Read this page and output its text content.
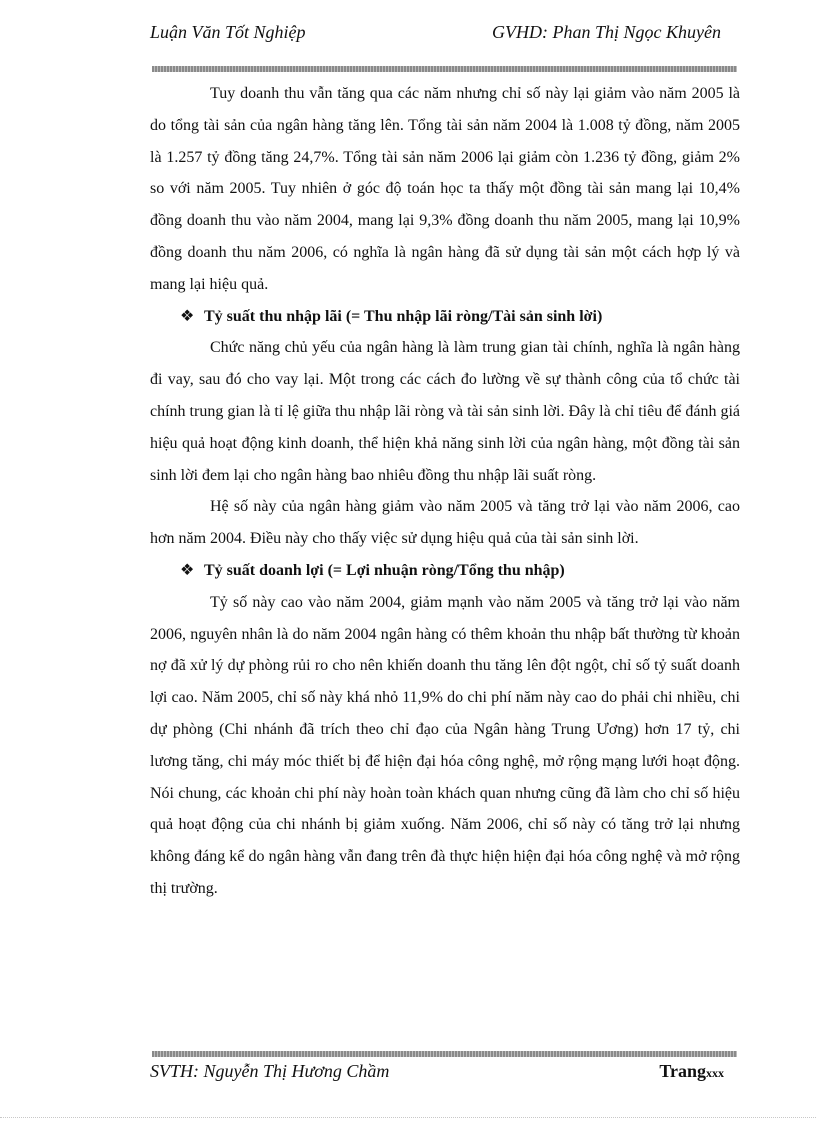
Luận Văn Tốt Nghiệp	GVHD: Phan Thị Ngọc Khuyên

Tuy doanh thu vẫn tăng qua các năm nhưng chỉ số này lại giảm vào năm 2005 là do tổng tài sản của ngân hàng tăng lên. Tổng tài sản năm 2004 là 1.008 tỷ đồng, năm 2005 là 1.257 tỷ đồng tăng 24,7%. Tổng tài sản năm 2006 lại giảm còn 1.236 tỷ đồng, giảm 2% so với năm 2005. Tuy nhiên ở góc độ toán học ta thấy một đồng tài sản mang lại 10,4% đồng doanh thu vào năm 2004, mang lại 9,3% đồng doanh thu năm 2005, mang lại 10,9% đồng doanh thu năm 2006, có nghĩa là ngân hàng đã sử dụng tài sản một cách hợp lý và mang lại hiệu quả.

❖ Tỷ suất thu nhập lãi (= Thu nhập lãi ròng/Tài sản sinh lời)

Chức năng chủ yếu của ngân hàng là làm trung gian tài chính, nghĩa là ngân hàng đi vay, sau đó cho vay lại. Một trong các cách đo lường về sự thành công của tổ chức tài chính trung gian là tỉ lệ giữa thu nhập lãi ròng và tài sản sinh lời. Đây là chỉ tiêu để đánh giá hiệu quả hoạt động kinh doanh, thể hiện khả năng sinh lời của ngân hàng, một đồng tài sản sinh lời đem lại cho ngân hàng bao nhiêu đồng thu nhập lãi suất ròng.

Hệ số này của ngân hàng giảm vào năm 2005 và tăng trở lại vào năm 2006, cao hơn năm 2004. Điều này cho thấy việc sử dụng hiệu quả của tài sản sinh lời.

❖ Tỷ suất doanh lợi (= Lợi nhuận ròng/Tổng thu nhập)

Tỷ số này cao vào năm 2004, giảm mạnh vào năm 2005 và tăng trở lại vào năm 2006, nguyên nhân là do năm 2004 ngân hàng có thêm khoản thu nhập bất thường từ khoản nợ đã xử lý dự phòng rủi ro cho nên khiến doanh thu tăng lên đột ngột, chỉ số tỷ suất doanh lợi cao. Năm 2005, chỉ số này khá nhỏ 11,9% do chi phí năm này cao do phải chi nhiều, chi dự phòng (Chi nhánh đã trích theo chỉ đạo của Ngân hàng Trung Ương) hơn 17 tỷ, chi lương tăng, chi máy móc thiết bị để hiện đại hóa công nghệ, mở rộng mạng lưới hoạt động. Nói chung, các khoản chi phí này hoàn toàn khách quan nhưng cũng đã làm cho chỉ số hiệu quả hoạt động của chi nhánh bị giảm xuống. Năm 2006, chỉ số này có tăng trở lại nhưng không đáng kể do ngân hàng vẫn đang trên đà thực hiện hiện đại hóa công nghệ và mở rộng thị trường.

SVTH: Nguyễn Thị Hương Chầm	Trangxxx
